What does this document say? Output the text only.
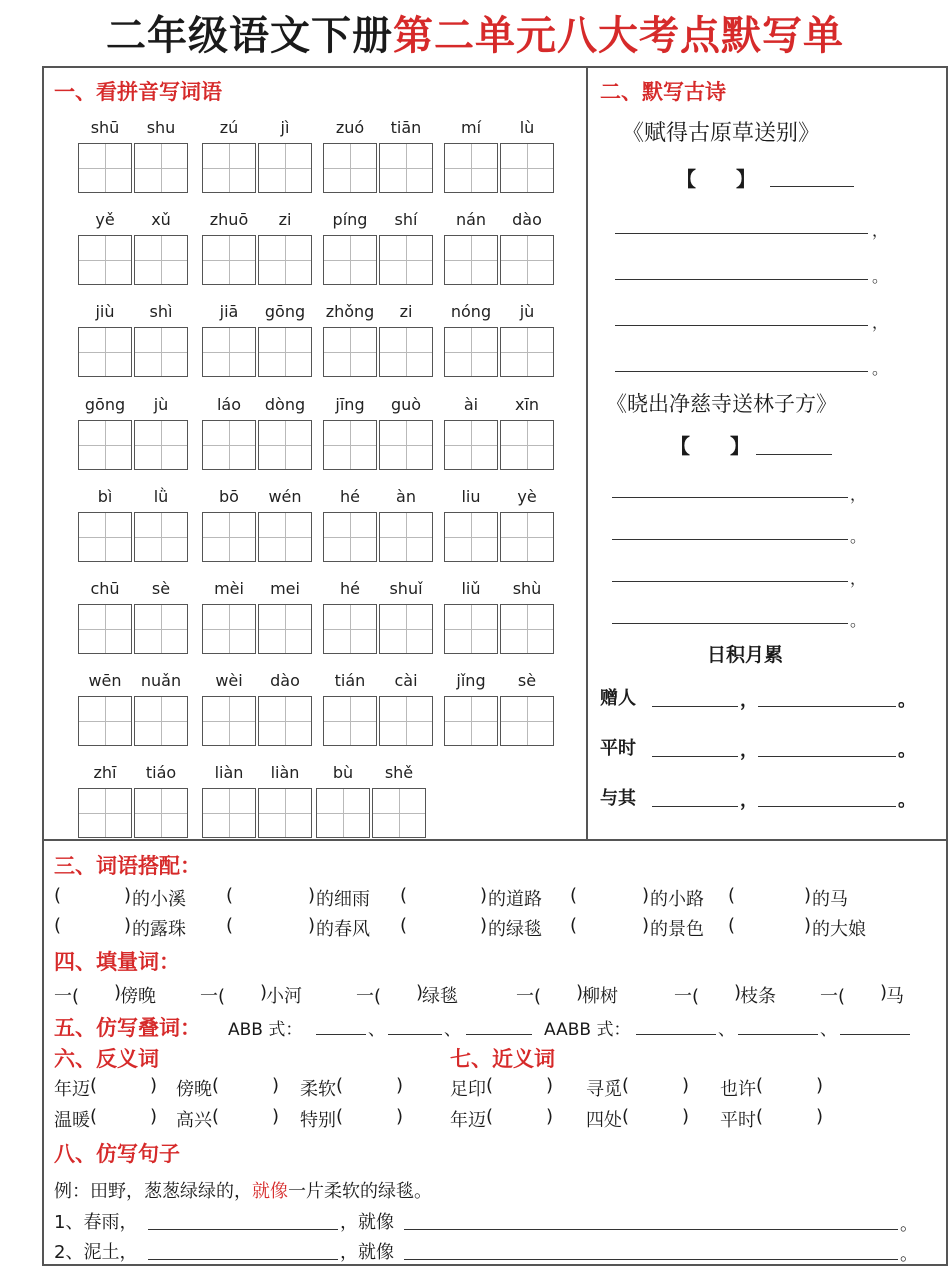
二年级语文下册第二单元八大考点默写单
一、看拼音写词语
shū	shu	zú	jì	zuó	tiān	mí	lù
yě	xǔ	zhuō	zi	píng	shí	nán	dào
jiù	shì	jiā	gōng	zhǒng	zi	nóng	jù
gōng	jù	láo	dòng	jīng	guò	ài	xīn
bì	lǜ	bō	wén	hé	àn	liu	yè
chū	sè	mèi	mei	hé	shuǐ	liǔ	shù
wēn	nuǎn	wèi	dào	tián	cài	jǐng	sè
zhī	tiáo	liàn	liàn	bù	shě
二、默写古诗
《赋得古原草送别》
【　　】
，
。
，
。
《晓出净慈寺送林子方》
【　　】
，
。
，
。
日积月累
赠人	，	。
平时	，	。
与其	，	。
三、词语搭配：
(	) 的小溪 (	) 的细雨 (	) 的道路 (	) 的小路 (	) 的马
(	) 的露珠 (	) 的春风 (	) 的绿毯 (	) 的景色 (	) 的大娘
四、填量词：
一( )
傍晚 一( )
小河	一( )
绿毯	一( )
柳树	一( )
枝条 一( )
马
五、仿写叠词： ABB 式：	、	、	AABB 式：	、	、
六、反义词	七、近义词
年迈 (	) 傍晚 (	) 柔软 (	)	足印 (	) 寻觅 (	) 也许 (	)
温暖 (	) 高兴 (	) 特别 (	)	年迈 (	) 四处 (	) 平时 (	)
八、仿写句子
例：田野，葱葱绿绿的，就像一片柔软的绿毯。
1、春雨，	，就像	。
2、泥土，	，就像	。
